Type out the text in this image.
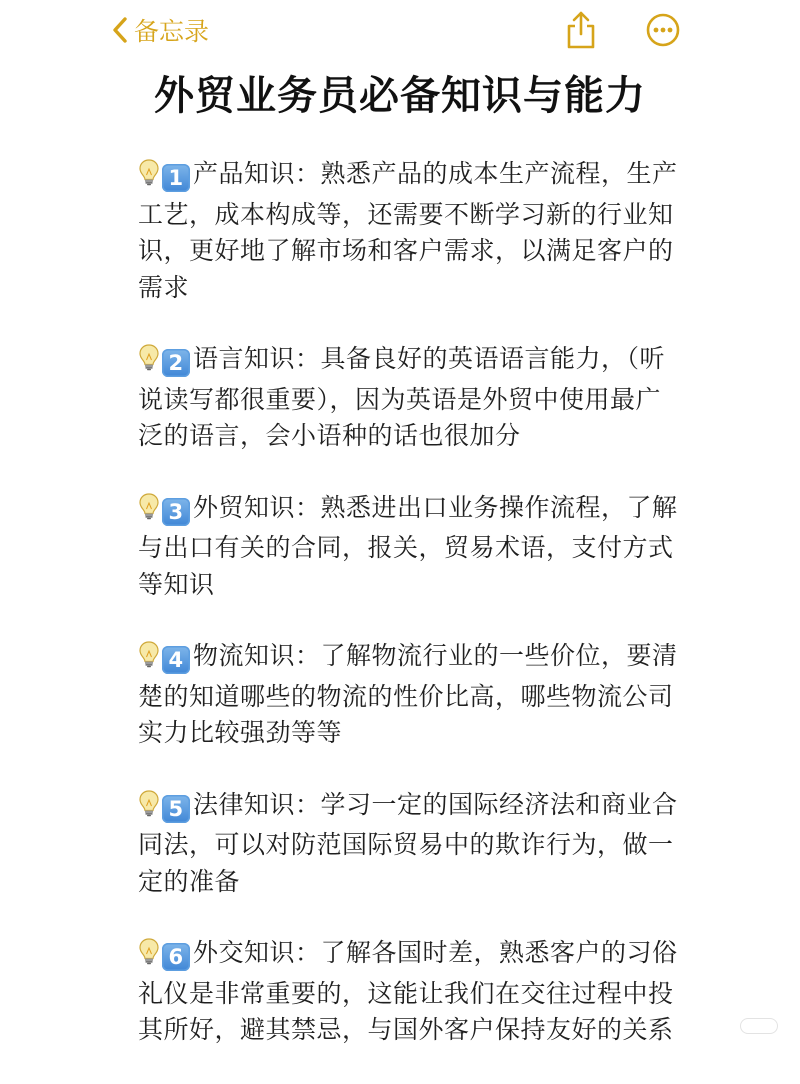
备忘录
外贸业务员必备知识与能力
1 产品知识：熟悉产品的成本生产流程，生产工艺，成本构成等，还需要不断学习新的行业知识，更好地了解市场和客户需求，以满足客户的需求
2 语言知识：具备良好的英语语言能力，（听说读写都很重要），因为英语是外贸中使用最广泛的语言，会小语种的话也很加分
3 外贸知识：熟悉进出口业务操作流程，了解与出口有关的合同，报关，贸易术语，支付方式等知识
4 物流知识：了解物流行业的一些价位，要清楚的知道哪些的物流的性价比高，哪些物流公司实力比较强劲等等
5 法律知识：学习一定的国际经济法和商业合同法，可以对防范国际贸易中的欺诈行为，做一定的准备
6 外交知识：了解各国时差，熟悉客户的习俗礼仪是非常重要的，这能让我们在交往过程中投其所好，避其禁忌，与国外客户保持友好的关系
